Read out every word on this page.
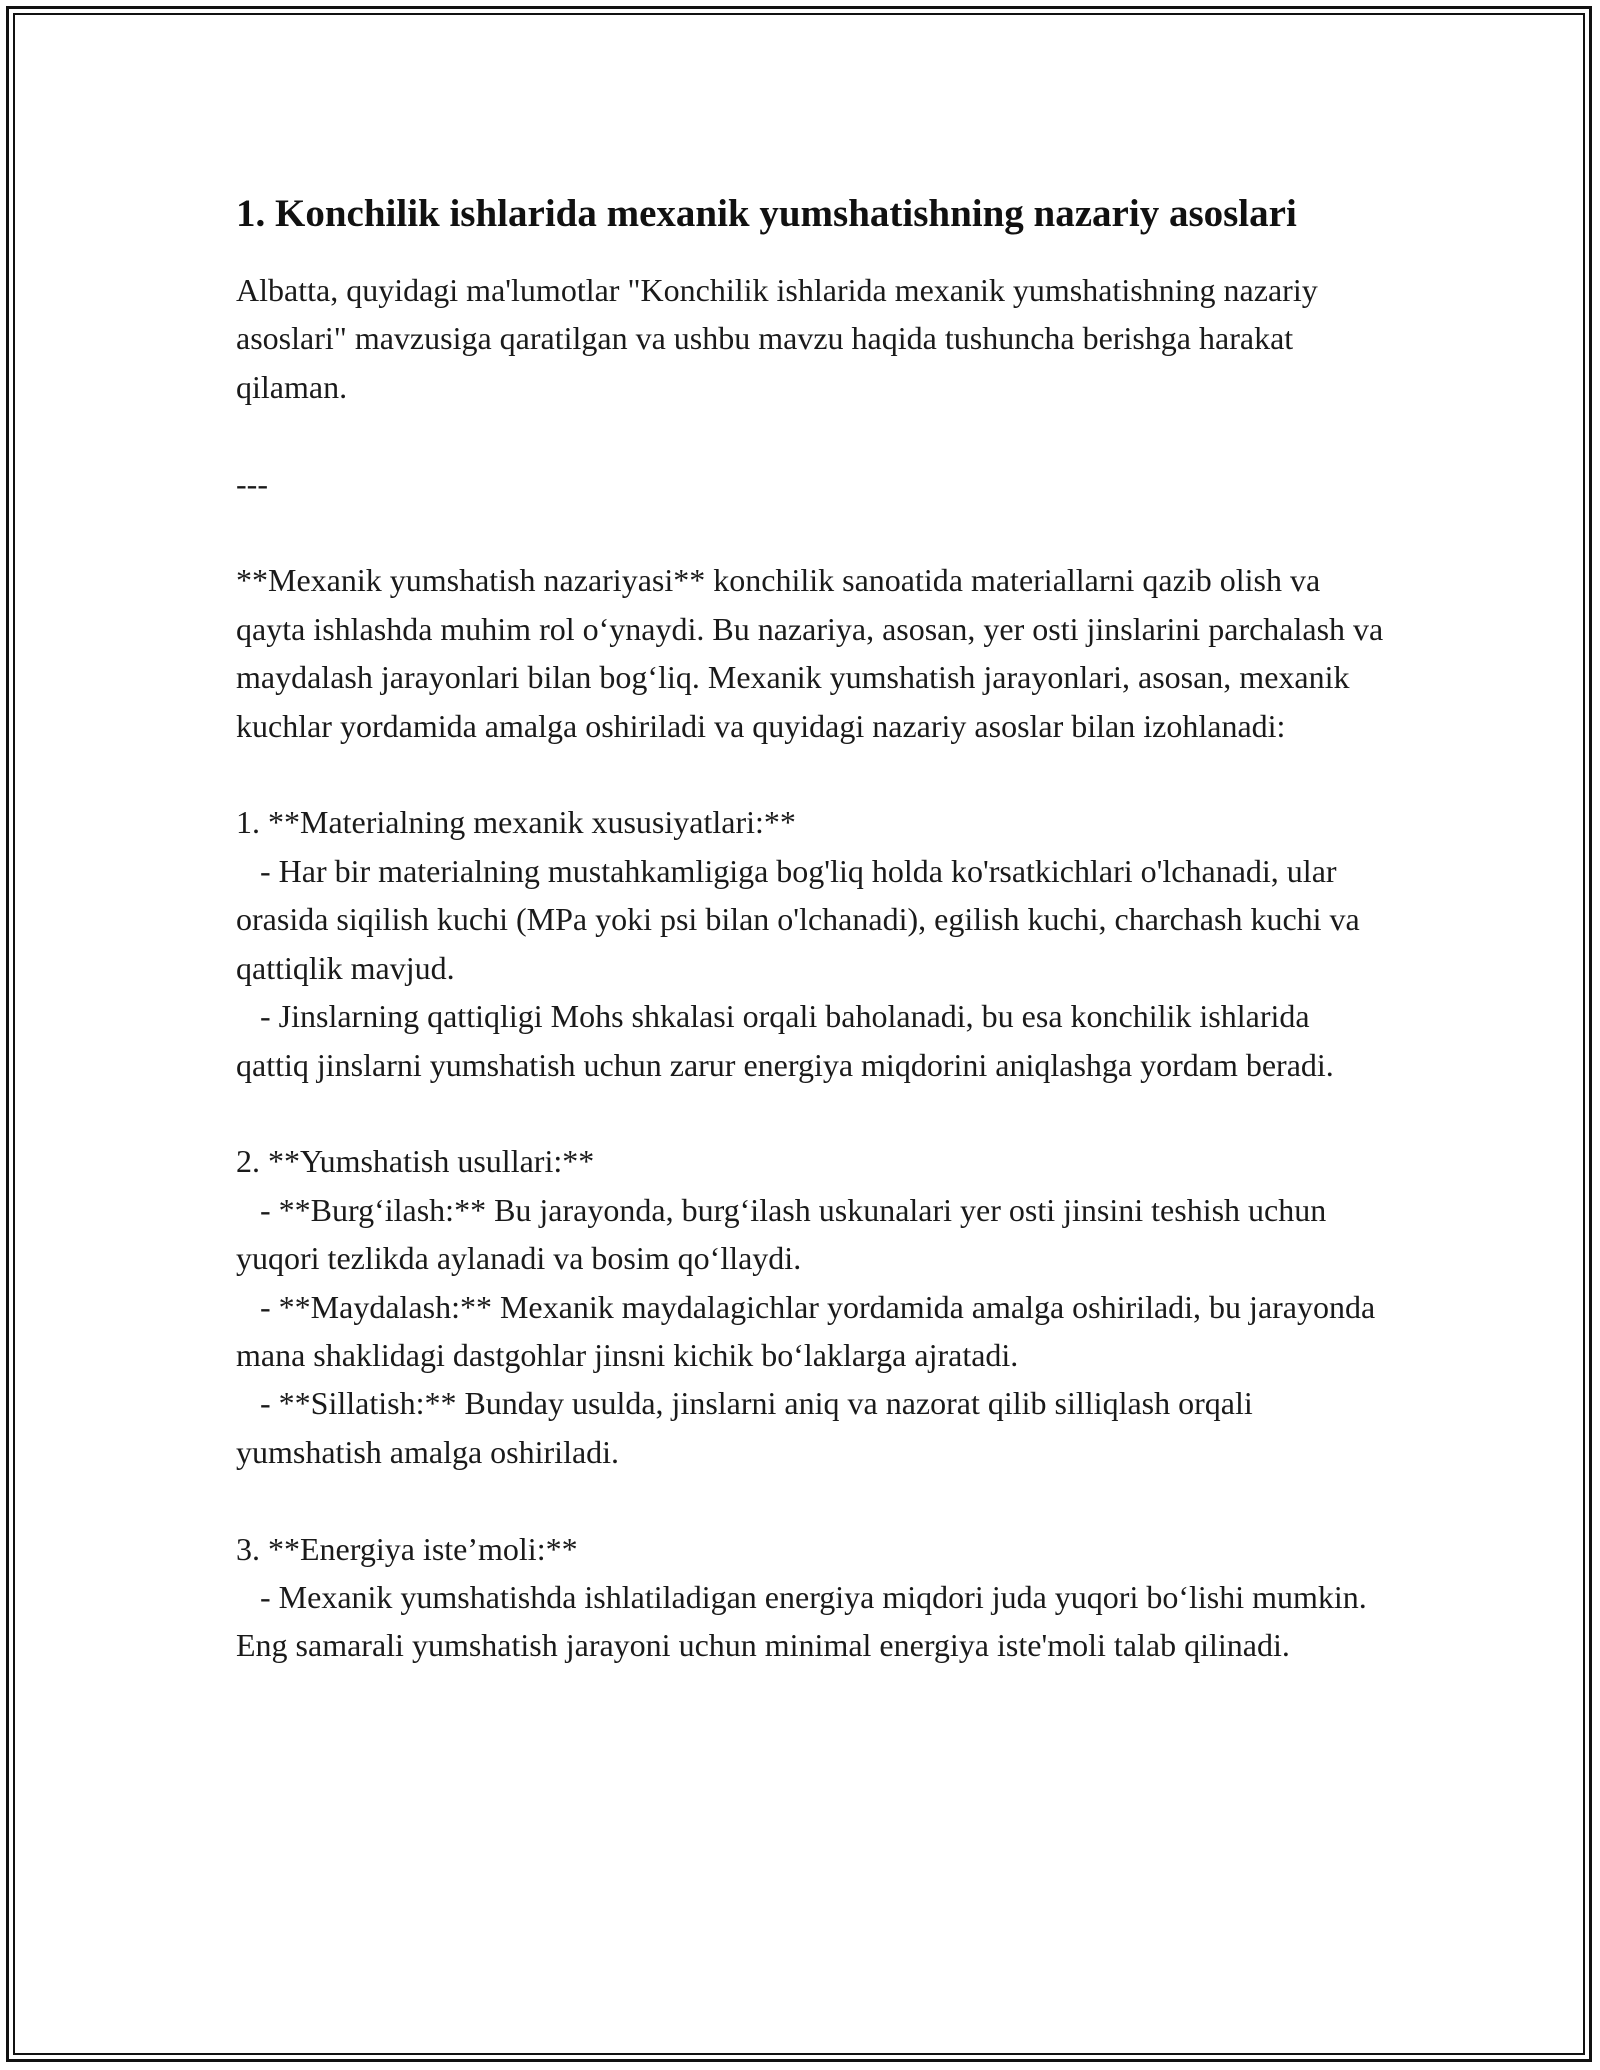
1. Konchilik ishlarida mexanik yumshatishning nazariy asoslari

Albatta, quyidagi ma'lumotlar "Konchilik ishlarida mexanik yumshatishning nazariy asoslari" mavzusiga qaratilgan va ushbu mavzu haqida tushuncha berishga harakat qilaman.

---

**Mexanik yumshatish nazariyasi** konchilik sanoatida materiallarni qazib olish va qayta ishlashda muhim rol o‘ynaydi. Bu nazariya, asosan, yer osti jinslarini parchalash va maydalash jarayonlari bilan bog‘liq. Mexanik yumshatish jarayonlari, asosan, mexanik kuchlar yordamida amalga oshiriladi va quyidagi nazariy asoslar bilan izohlanadi:

1. **Materialning mexanik xususiyatlari:**

- Har bir materialning mustahkamligiga bog'liq holda ko'rsatkichlari o'lchanadi, ular orasida siqilish kuchi (MPa yoki psi bilan o'lchanadi), egilish kuchi, charchash kuchi va qattiqlik mavjud.

- Jinslarning qattiqligi Mohs shkalasi orqali baholanadi, bu esa konchilik ishlarida qattiq jinslarni yumshatish uchun zarur energiya miqdorini aniqlashga yordam beradi.

2. **Yumshatish usullari:**

- **Burg‘ilash:** Bu jarayonda, burg‘ilash uskunalari yer osti jinsini teshish uchun yuqori tezlikda aylanadi va bosim qo‘llaydi.

- **Maydalash:** Mexanik maydalagichlar yordamida amalga oshiriladi, bu jarayonda mana shaklidagi dastgohlar jinsni kichik bo‘laklarga ajratadi.

- **Sillatish:** Bunday usulda, jinslarni aniq va nazorat qilib silliqlash orqali yumshatish amalga oshiriladi.

3. **Energiya iste’moli:**

- Mexanik yumshatishda ishlatiladigan energiya miqdori juda yuqori bo‘lishi mumkin. Eng samarali yumshatish jarayoni uchun minimal energiya iste'moli talab qilinadi.
